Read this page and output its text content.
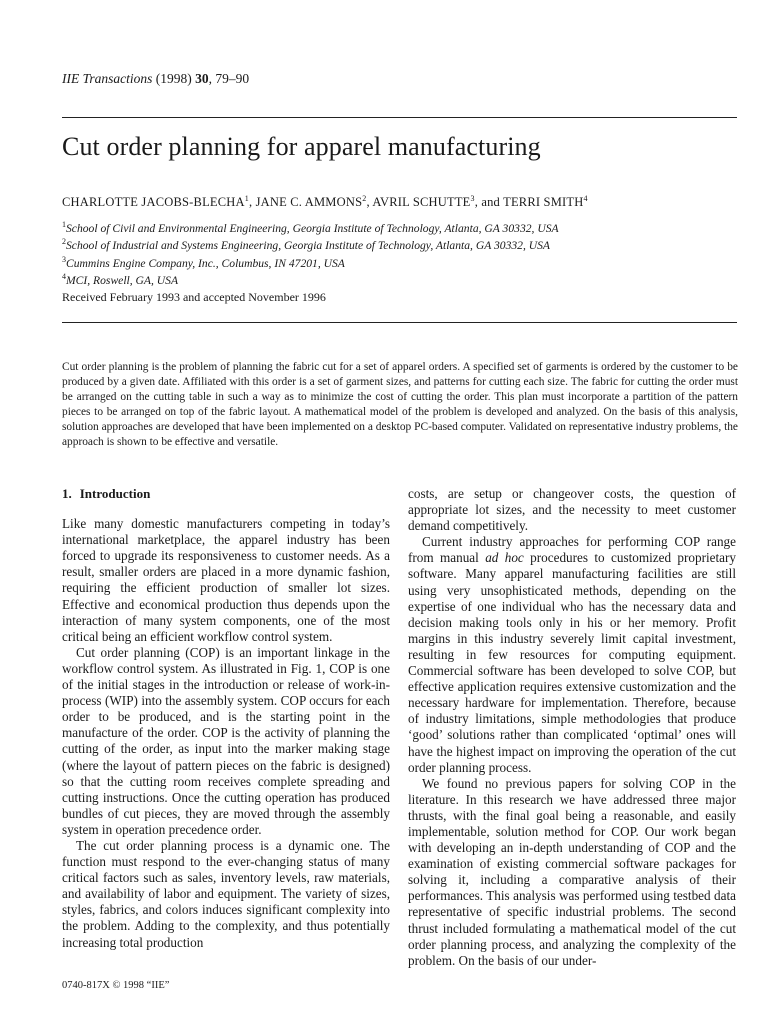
IIE Transactions (1998) 30, 79–90
Cut order planning for apparel manufacturing
CHARLOTTE JACOBS-BLECHA$^1$, JANE C. AMMONS$^2$, AVRIL SCHUTTE$^3$, and TERRI SMITH$^4$
$^1$School of Civil and Environmental Engineering, Georgia Institute of Technology, Atlanta, GA 30332, USA
$^2$School of Industrial and Systems Engineering, Georgia Institute of Technology, Atlanta, GA 30332, USA
$^3$Cummins Engine Company, Inc., Columbus, IN 47201, USA
$^4$MCI, Roswell, GA, USA
Received February 1993 and accepted November 1996
Cut order planning is the problem of planning the fabric cut for a set of apparel orders. A specified set of garments is ordered by the customer to be produced by a given date. Affiliated with this order is a set of garment sizes, and patterns for cutting each size. The fabric for cutting the order must be arranged on the cutting table in such a way as to minimize the cost of cutting the order. This plan must incorporate a partition of the pattern pieces to be arranged on top of the fabric layout. A mathematical model of the problem is developed and analyzed. On the basis of this analysis, solution approaches are developed that have been implemented on a desktop PC-based computer. Validated on representative industry problems, the approach is shown to be effective and versatile.
1. Introduction

Like many domestic manufacturers competing in today’s international marketplace, the apparel industry has been forced to upgrade its responsiveness to customer needs. As a result, smaller orders are placed in a more dynamic fashion, requiring the efficient production of smaller lot sizes. Effective and economical production thus depends upon the interaction of many system components, one of the most critical being an efficient workflow control system.

Cut order planning (COP) is an important linkage in the workflow control system. As illustrated in Fig. 1, COP is one of the initial stages in the introduction or release of work-in-process (WIP) into the assembly system. COP occurs for each order to be produced, and is the starting point in the manufacture of the order. COP is the activity of planning the cutting of the order, as input into the marker making stage (where the layout of pattern pieces on the fabric is designed) so that the cutting room receives complete spreading and cutting instructions. Once the cutting operation has produced bundles of cut pieces, they are moved through the assembly system in operation precedence order.

The cut order planning process is a dynamic one. The function must respond to the ever-changing status of many critical factors such as sales, inventory levels, raw materials, and availability of labor and equipment. The variety of sizes, styles, fabrics, and colors induces significant complexity into the problem. Adding to the complexity, and thus potentially increasing total production

costs, are setup or changeover costs, the question of appropriate lot sizes, and the necessity to meet customer demand competitively.

Current industry approaches for performing COP range from manual ad hoc procedures to customized proprietary software. Many apparel manufacturing facilities are still using very unsophisticated methods, depending on the expertise of one individual who has the necessary data and decision making tools only in his or her memory. Profit margins in this industry severely limit capital investment, resulting in few resources for computing equipment. Commercial software has been developed to solve COP, but effective application requires extensive customization and the necessary hardware for implementation. Therefore, because of industry limitations, simple methodologies that produce ‘good’ solutions rather than complicated ‘optimal’ ones will have the highest impact on improving the operation of the cut order planning process.

We found no previous papers for solving COP in the literature. In this research we have addressed three major thrusts, with the final goal being a reasonable, and easily implementable, solution method for COP. Our work began with developing an in-depth understanding of COP and the examination of existing commercial software packages for solving it, including a comparative analysis of their performances. This analysis was performed using testbed data representative of specific industrial problems. The second thrust included formulating a mathematical model of the cut order planning process, and analyzing the complexity of the problem. On the basis of our under-

0740-817X © 1998 “IIE”
